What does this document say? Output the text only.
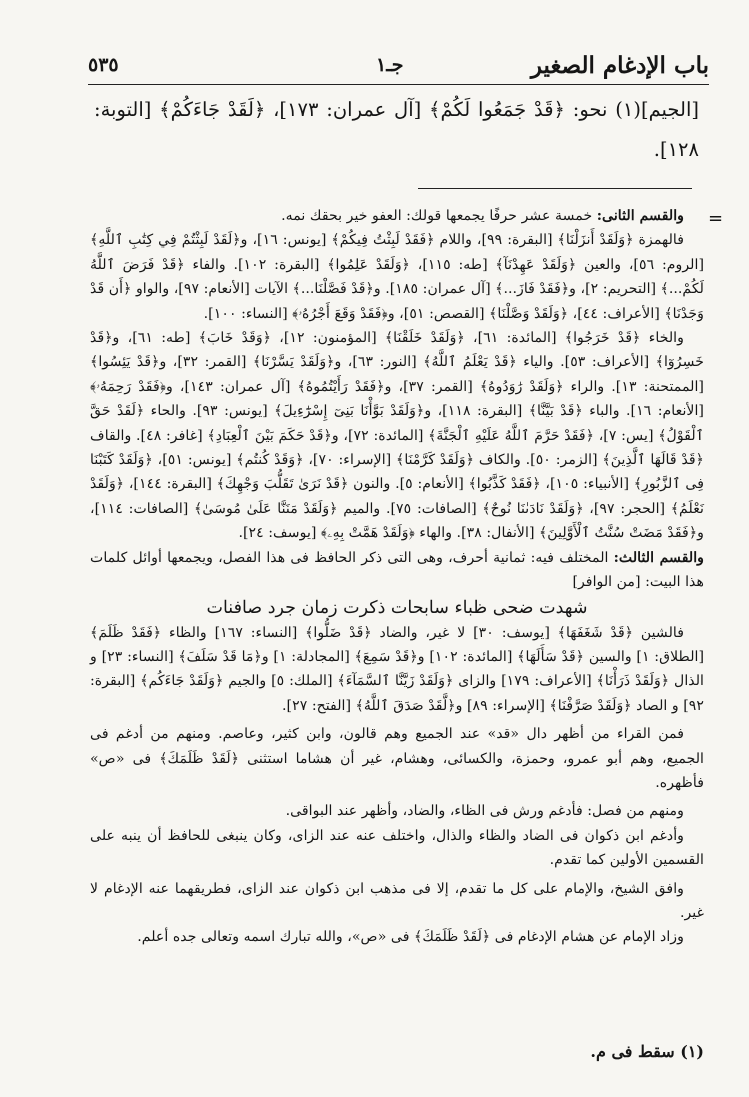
باب الإدغام الصغير
جـ١
٥٣٥
[الجيم](١) نحو: ﴿قَدْ جَمَعُوا لَكُمْ﴾ [آل عمران: ١٧٣]، ﴿لَقَدْ جَاءَكُمْ﴾ [التوبة: ١٢٨].
=

والقسم الثانى: خمسة عشر حرفًا يجمعها قولك: العفو خير بحقك نمه.

فالهمزة ﴿وَلَقَدْ أَنزَلْنَا﴾ [البقرة: ٩٩]، واللام ﴿فَقَدْ لَبِثْتُ فِيكُمْ﴾ [يونس: ١٦]، و﴿لَقَدْ لَبِثْتُمْ فِي كِتَٰبِ ٱللَّهِ﴾ [الروم: ٥٦]، والعين ﴿وَلَقَدْ عَهِدْنَآ﴾ [طه: ١١٥]، ﴿وَلَقَدْ عَلِمُوا﴾ [البقرة: ١٠٢]. والفاء ﴿قَدْ فَرَضَ ٱللَّهُ لَكُمْ...﴾ [التحريم: ٢]، و﴿فَقَدْ فَازَ...﴾ [آل عمران: ١٨٥]. و﴿قَدْ فَصَّلْنَا...﴾ الآيات [الأنعام: ٩٧]، والواو ﴿أَن قَدْ وَجَدْنَا﴾ [الأعراف: ٤٤]، ﴿وَلَقَدْ وَصَّلْنَا﴾ [القصص: ٥١]، و﴿فَقَدْ وَقَعَ أَجْرُهُۥ﴾ [النساء: ١٠٠].

والخاء ﴿قَدْ خَرَجُوا﴾ [المائدة: ٦١]، ﴿وَلَقَدْ خَلَقْنَا﴾ [المؤمنون: ١٢]، ﴿وَقَدْ خَابَ﴾ [طه: ٦١]، و﴿قَدْ خَسِرُوٓا﴾ [الأعراف: ٥٣]. والياء ﴿قَدْ يَعْلَمُ ٱللَّهُ﴾ [النور: ٦٣]، و﴿وَلَقَدْ يَسَّرْنَا﴾ [القمر: ٣٢]، و﴿قَدْ يَئِسُوا﴾ [الممتحنة: ١٣]. والراء ﴿وَلَقَدْ رَٰوَدُوهُ﴾ [القمر: ٣٧]، و﴿فَقَدْ رَأَيْتُمُوهُ﴾ [آل عمران: ١٤٣]، و﴿فَقَدْ رَحِمَهُۥ﴾ [الأنعام: ١٦]. والباء ﴿قَدْ بَيَّنَّا﴾ [البقرة: ١١٨]، و﴿وَلَقَدْ بَوَّأْنَا بَنِىٓ إِسْرَٰٓءِيلَ﴾ [يونس: ٩٣]. والحاء ﴿لَقَدْ حَقَّ ٱلْقَوْلُ﴾ [يس: ٧]، ﴿فَقَدْ حَرَّمَ ٱللَّهُ عَلَيْهِ ٱلْجَنَّةَ﴾ [المائدة: ٧٢]، و﴿قَدْ حَكَمَ بَيْنَ ٱلْعِبَادِ﴾ [غافر: ٤٨]. والقاف ﴿قَدْ قَالَهَا ٱلَّذِينَ﴾ [الزمر: ٥٠]. والكاف ﴿وَلَقَدْ كَرَّمْنَا﴾ [الإسراء: ٧٠]، ﴿وَقَدْ كُنتُم﴾ [يونس: ٥١]، ﴿وَلَقَدْ كَتَبْنَا فِى ٱلزَّبُورِ﴾ [الأنبياء: ١٠٥]، ﴿فَقَدْ كَذَّبُوا﴾ [الأنعام: ٥]. والنون ﴿قَدْ نَرَىٰ تَقَلُّبَ وَجْهِكَ﴾ [البقرة: ١٤٤]، ﴿وَلَقَدْ نَعْلَمُ﴾ [الحجر: ٩٧]، ﴿وَلَقَدْ نَادَىٰنَا نُوحٌ﴾ [الصافات: ٧٥]. والميم ﴿وَلَقَدْ مَنَنَّا عَلَىٰ مُوسَىٰ﴾ [الصافات: ١١٤]، و﴿فَقَدْ مَضَتْ سُنَّتُ ٱلْأَوَّلِينَ﴾ [الأنفال: ٣٨]. والهاء ﴿وَلَقَدْ هَمَّتْ بِهِۦ﴾ [يوسف: ٢٤].

والقسم الثالث: المختلف فيه: ثمانية أحرف، وهى التى ذكر الحافظ فى هذا الفصل، ويجمعها أوائل كلمات هذا البيت: [من الوافر]

شهدت ضحى ظباء سابحات ذكرت زمان جرد صافنات

فالشين ﴿قَدْ شَغَفَهَا﴾ [يوسف: ٣٠] لا غير، والضاد ﴿قَدْ ضَلُّوا﴾ [النساء: ١٦٧] والظاء ﴿فَقَدْ ظَلَمَ﴾ [الطلاق: ١] والسين ﴿قَدْ سَأَلَهَا﴾ [المائدة: ١٠٢] و﴿قَدْ سَمِعَ﴾ [المجادلة: ١] و﴿مَا قَدْ سَلَفَ﴾ [النساء: ٢٣] و الذال ﴿وَلَقَدْ ذَرَأْنَا﴾ [الأعراف: ١٧٩] والزاى ﴿وَلَقَدْ زَيَّنَّا ٱلسَّمَآءَ﴾ [الملك: ٥] والجيم ﴿وَلَقَدْ جَاءَكُم﴾ [البقرة: ٩٢] و الصاد ﴿وَلَقَدْ صَرَّفْنَا﴾ [الإسراء: ٨٩] و﴿لَّقَدْ صَدَقَ ٱللَّهُ﴾ [الفتح: ٢٧].

فمن القراء من أظهر دال «قد» عند الجميع وهم قالون، وابن كثير، وعاصم. ومنهم من أدغم فى الجميع، وهم أبو عمرو، وحمزة، والكسائى، وهشام، غير أن هشاما استثنى ﴿لَقَدْ ظَلَمَكَ﴾ فى «ص» فأظهره.

ومنهم من فصل: فأدغم ورش فى الظاء، والضاد، وأظهر عند البواقى.

وأدغم ابن ذكوان فى الضاد والظاء والذال، واختلف عنه عند الزاى، وكان ينبغى للحافظ أن ينبه على القسمين الأولين كما تقدم.

وافق الشيخ، والإمام على كل ما تقدم، إلا فى مذهب ابن ذكوان عند الزاى، فطريقهما عنه الإدغام لا غير.

وزاد الإمام عن هشام الإدغام فى ﴿لَقَدْ ظَلَمَكَ﴾ فى «ص»، والله تبارك اسمه وتعالى جده أعلم.

(١) سقط فى م.
